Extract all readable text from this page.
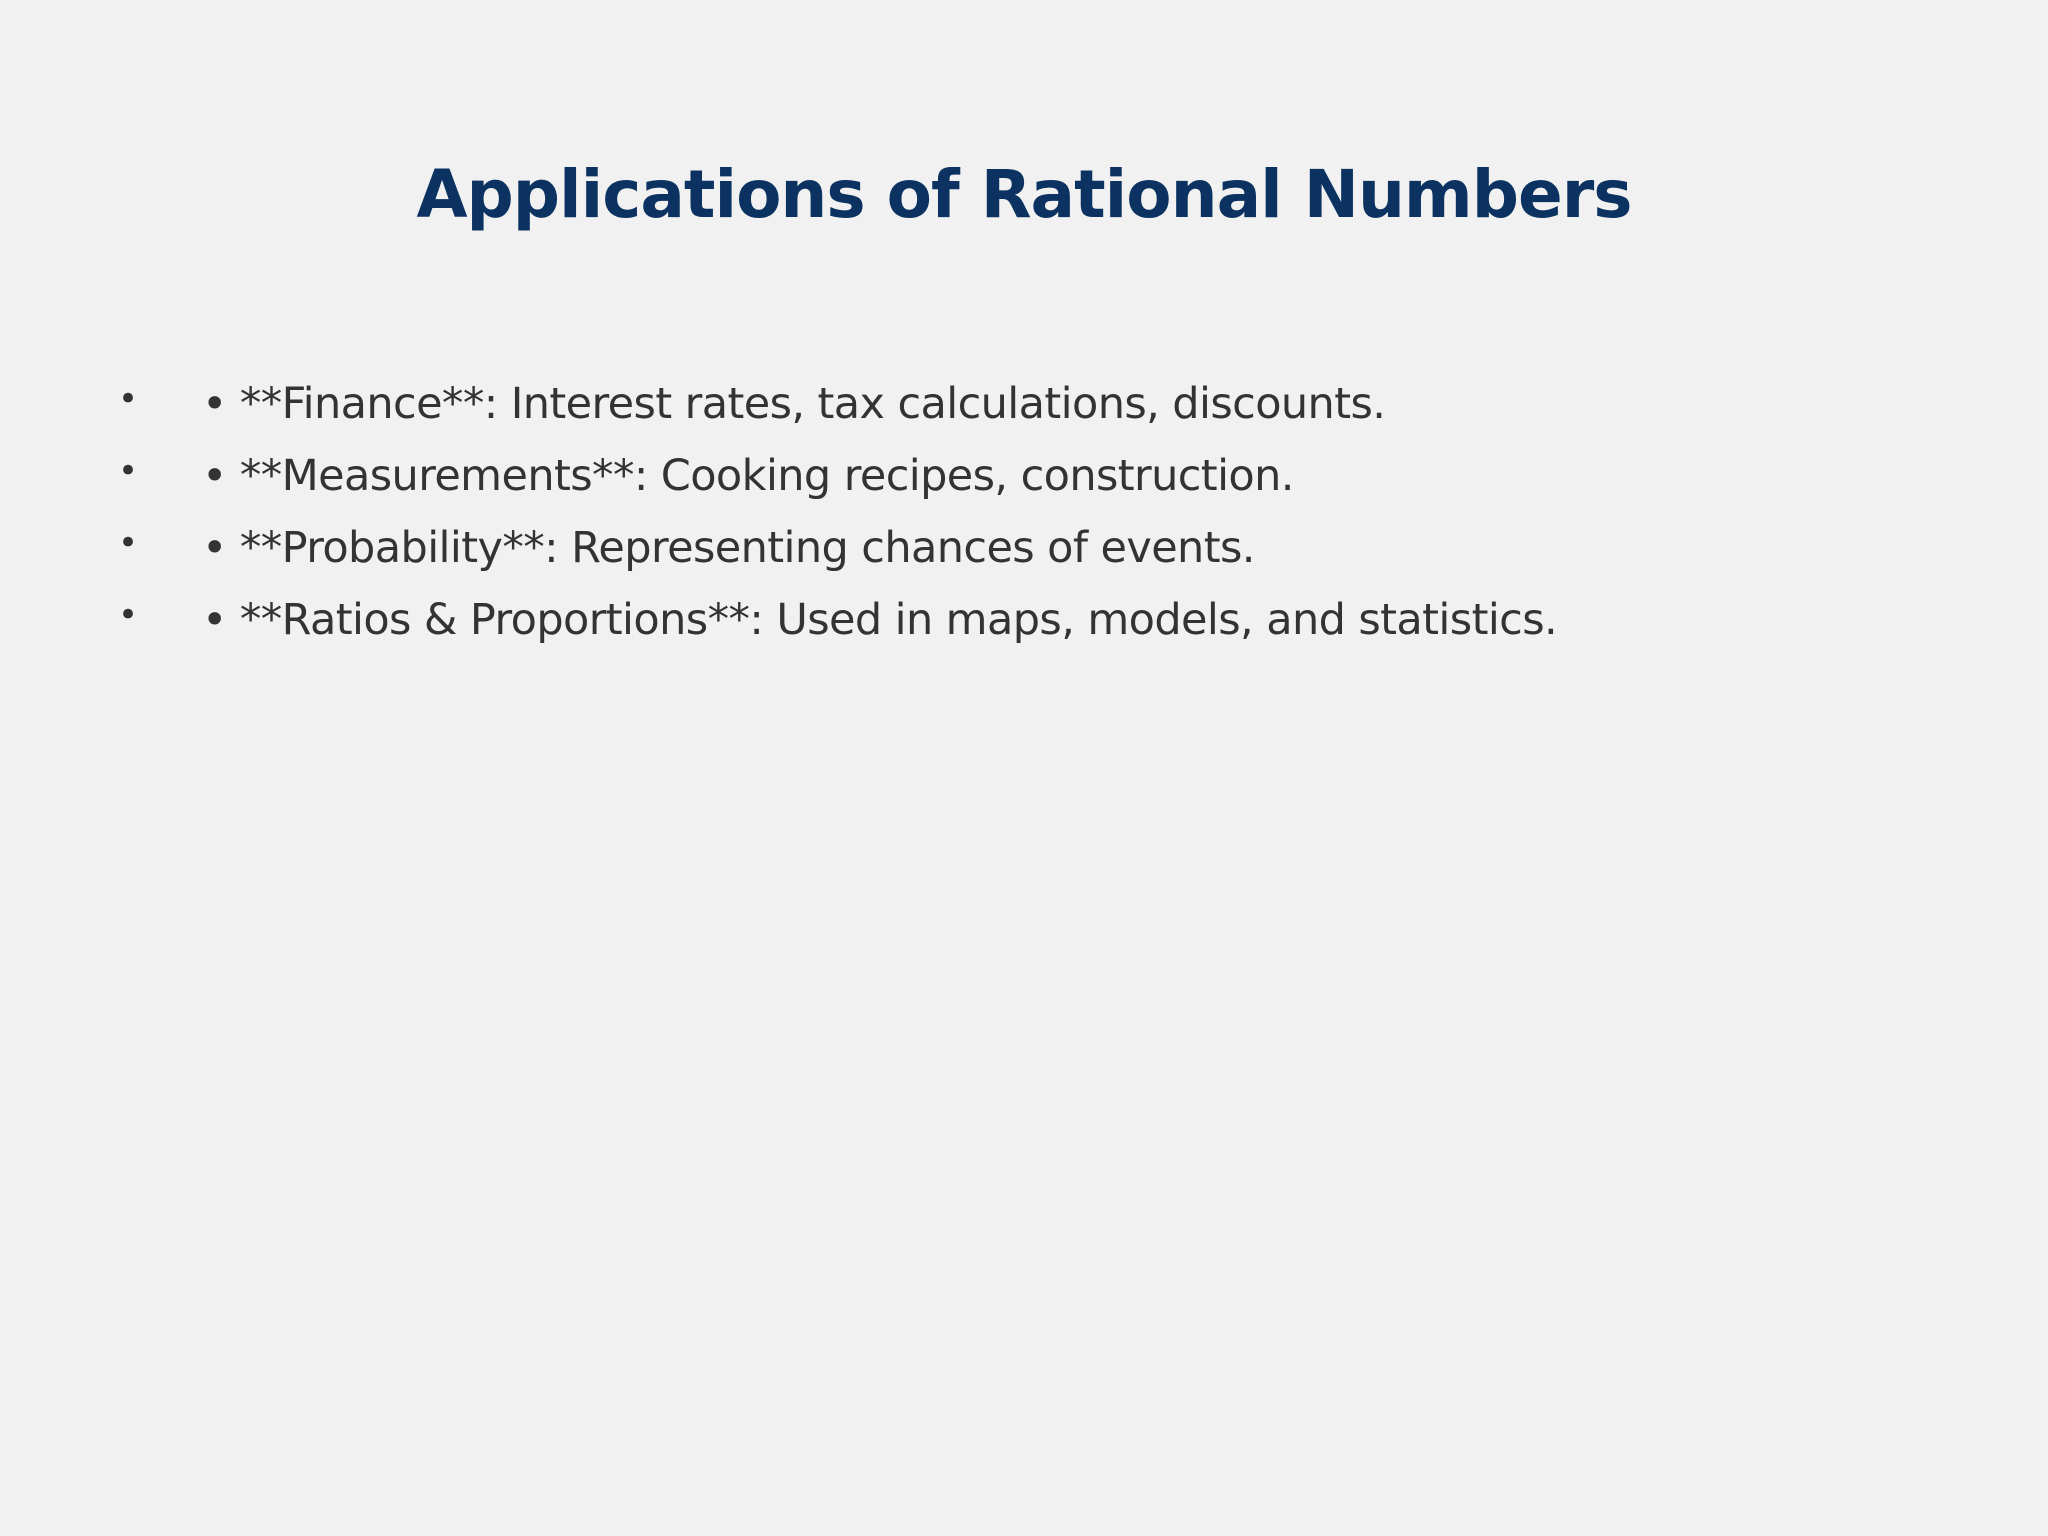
Applications of Rational Numbers
•	• **Finance**: Interest rates, tax calculations, discounts.
•	• **Measurements**: Cooking recipes, construction.
•	• **Probability**: Representing chances of events.
•	• **Ratios & Proportions**: Used in maps, models, and statistics.
